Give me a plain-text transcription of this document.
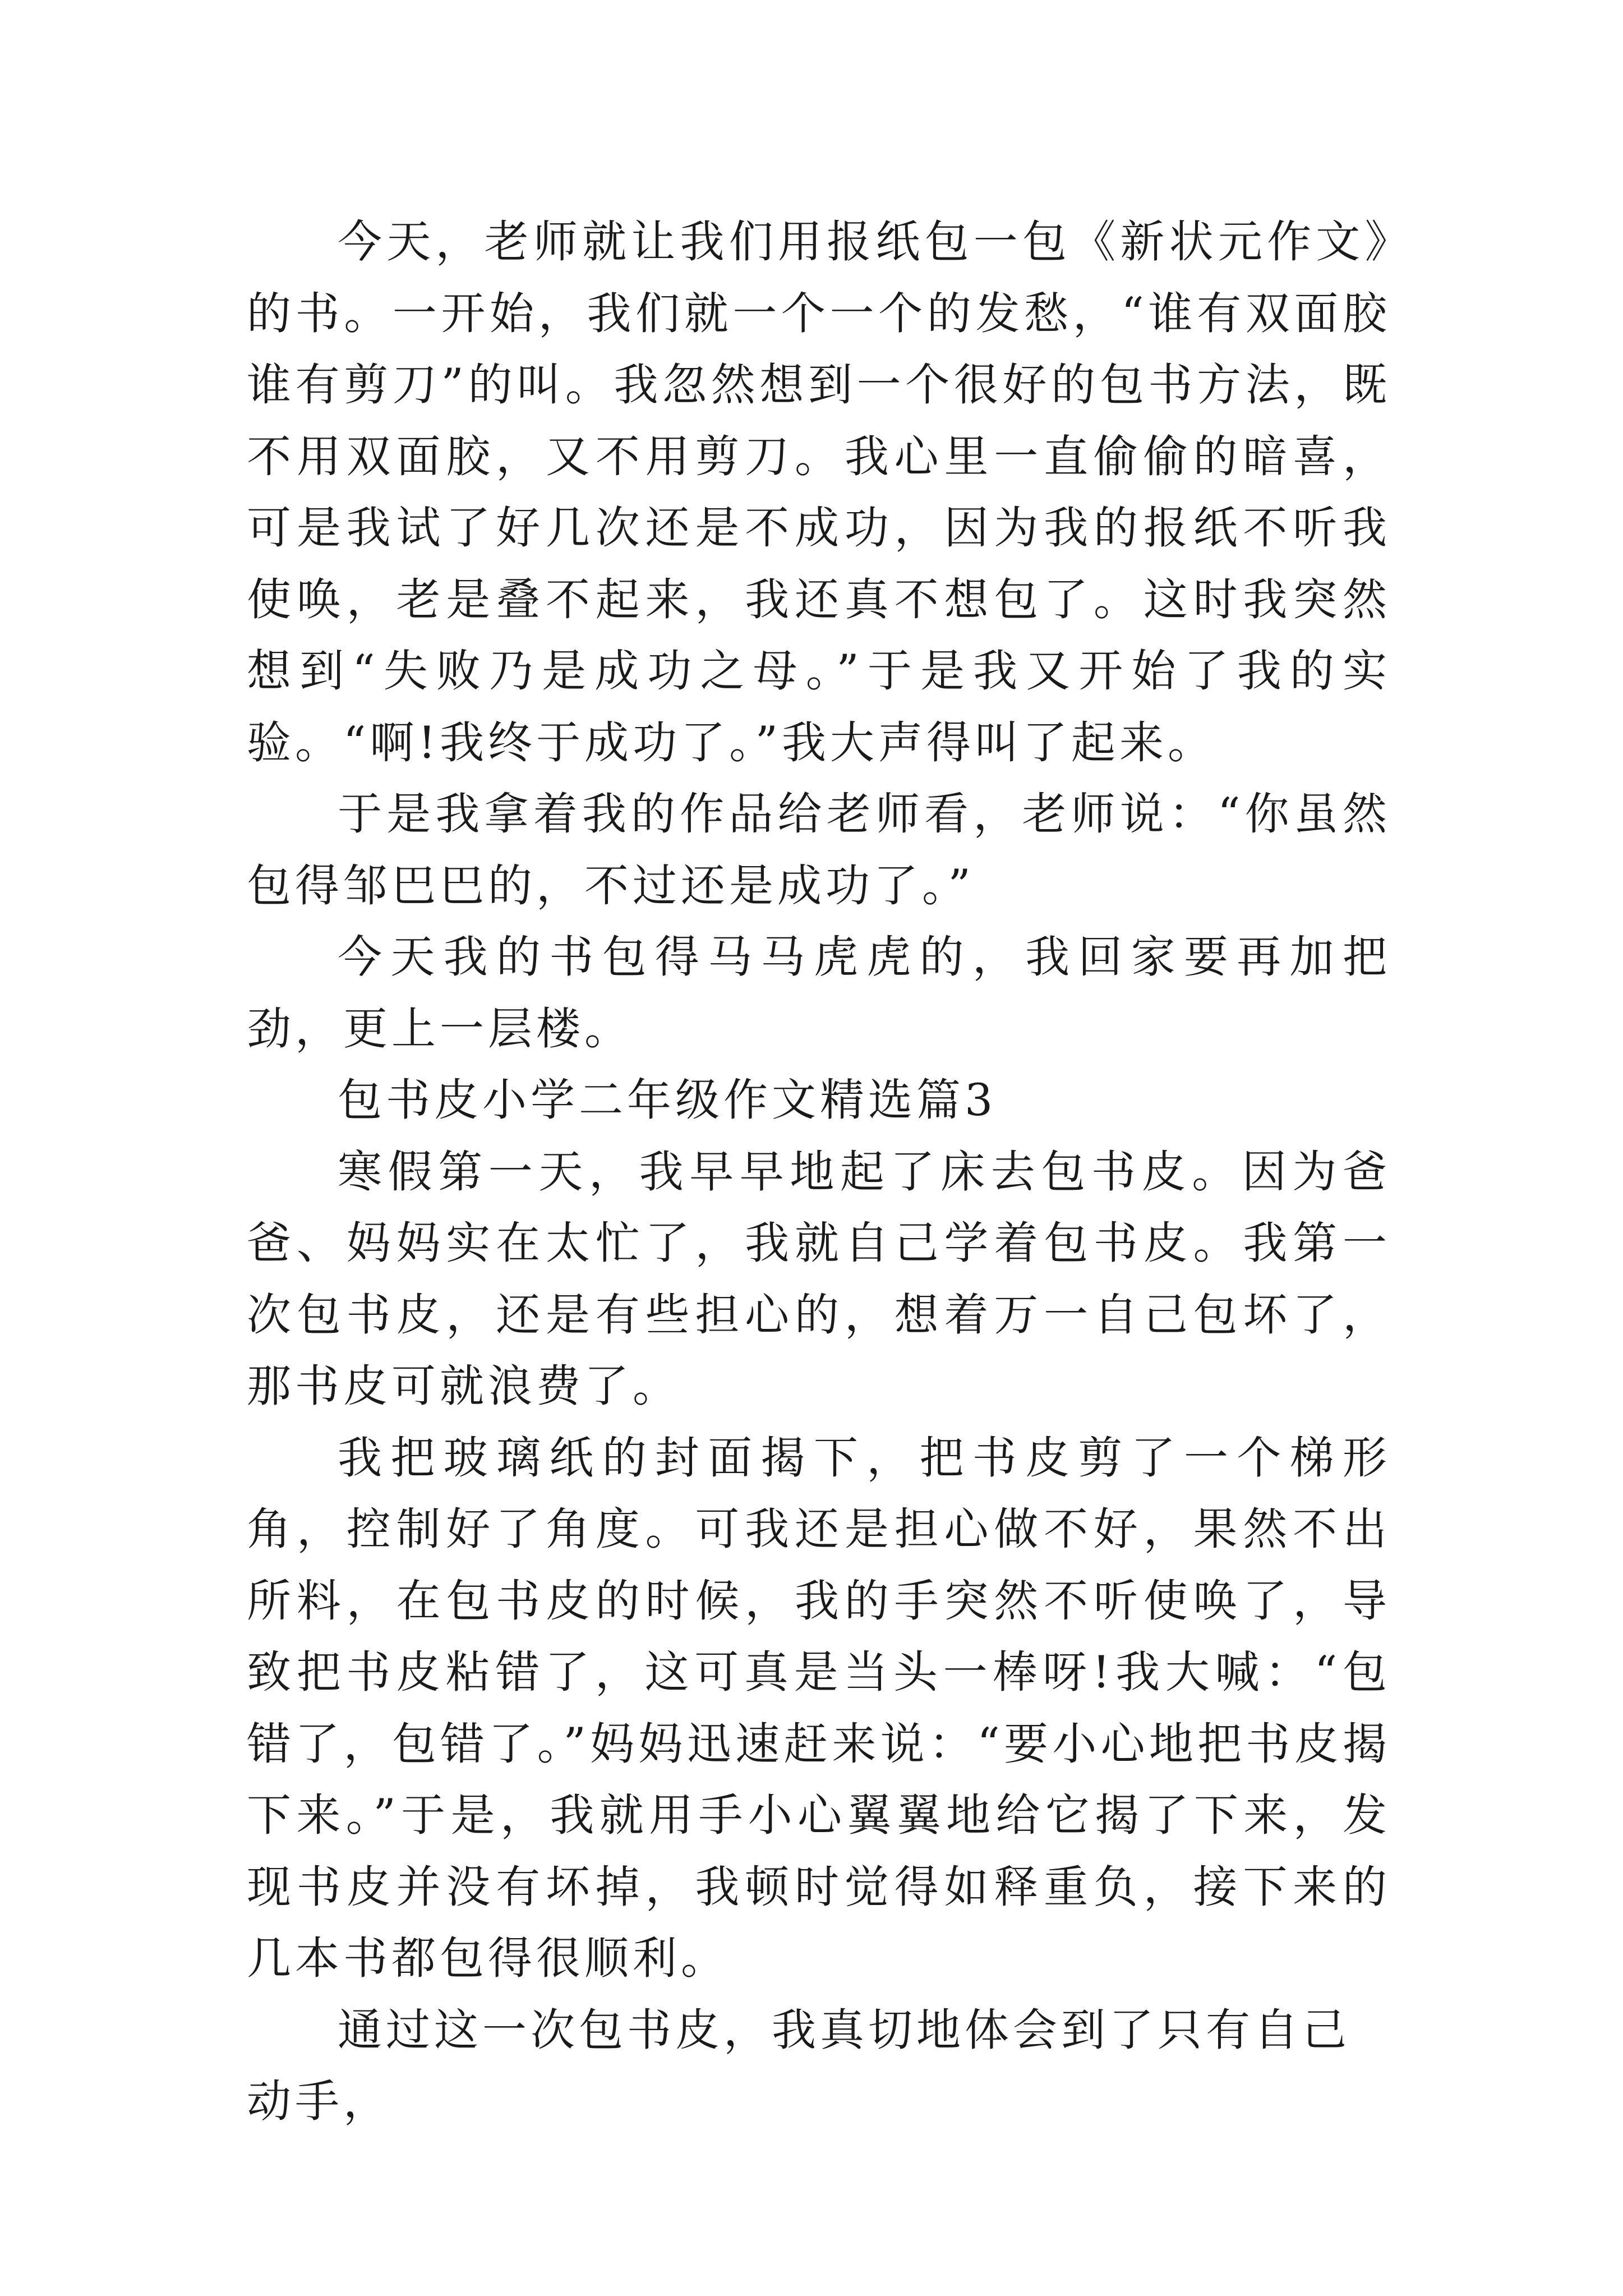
今天，老师就让我们用报纸包一包《新状元作文》的书。一开始，我们就一个一个的发愁，“谁有双面胶谁有剪刀”的叫。我忽然想到一个很好的包书方法，既不用双面胶，又不用剪刀。我心里一直偷偷的暗喜，可是我试了好几次还是不成功，因为我的报纸不听我使唤，老是叠不起来，我还真不想包了。这时我突然想到“失败乃是成功之母。”于是我又开始了我的实验。“啊!我终于成功了。”我大声得叫了起来。

于是我拿着我的作品给老师看，老师说：“你虽然包得邹巴巴的，不过还是成功了。”

今天我的书包得马马虎虎的，我回家要再加把劲，更上一层楼。

包书皮小学二年级作文精选篇3

寒假第一天，我早早地起了床去包书皮。因为爸爸、妈妈实在太忙了，我就自己学着包书皮。我第一次包书皮，还是有些担心的，想着万一自己包坏了，那书皮可就浪费了。

我把玻璃纸的封面揭下，把书皮剪了一个梯形角，控制好了角度。可我还是担心做不好，果然不出所料，在包书皮的时候，我的手突然不听使唤了，导致把书皮粘错了，这可真是当头一棒呀!我大喊：“包错了，包错了。”妈妈迅速赶来说：“要小心地把书皮揭下来。”于是，我就用手小心翼翼地给它揭了下来，发现书皮并没有坏掉，我顿时觉得如释重负，接下来的几本书都包得很顺利。

通过这一次包书皮，我真切地体会到了只有自己动手，
